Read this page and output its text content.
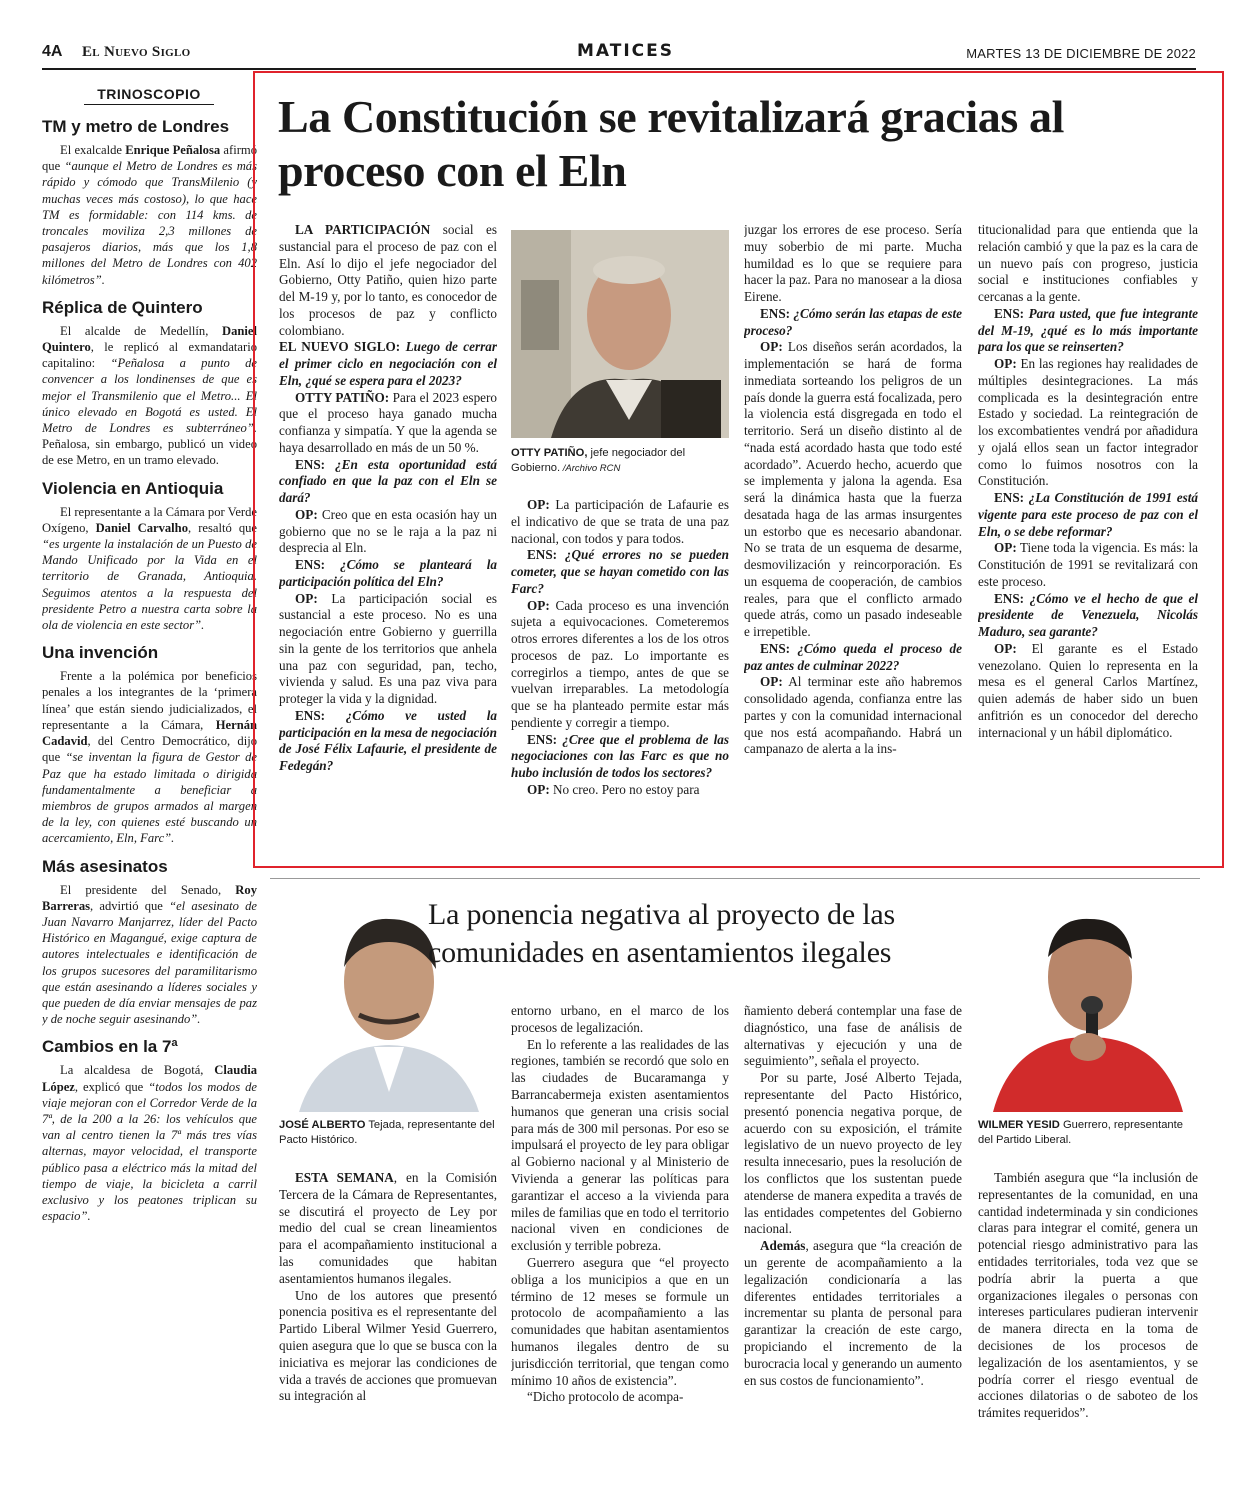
4A El Nuevo Siglo	MATICES	MARTES 13 DE DICIEMBRE DE 2022
TRINOSCOPIO
TM y metro de Londres

El exalcalde Enrique Peñalosa afirmó que “aunque el Metro de Londres es más rápido y cómodo que TransMilenio (y muchas veces más costoso), lo que hace TM es formidable: con 114 kms. de troncales moviliza 2,3 millones de pasajeros diarios, más que los 1,8 millones del Metro de Londres con 402 kilómetros”.

Réplica de Quintero

El alcalde de Medellín, Daniel Quintero, le replicó al exmandatario capitalino: “Peñalosa a punto de convencer a los londinenses de que es mejor el Transmilenio que el Metro... El único elevado en Bogotá es usted. El Metro de Londres es subterráneo”. Peñalosa, sin embargo, publicó un video de ese Metro, en un tramo elevado.

Violencia en Antioquia

El representante a la Cámara por Verde Oxígeno, Daniel Carvalho, resaltó que “es urgente la instalación de un Puesto de Mando Unificado por la Vida en el territorio de Granada, Antioquia. Seguimos atentos a la respuesta del presidente Petro a nuestra carta sobre la ola de violencia en este sector”.

Una invención

Frente a la polémica por beneficios penales a los integrantes de la ‘primera línea’ que están siendo judicializados, el representante a la Cámara, Hernán Cadavid, del Centro Democrático, dijo que “se inventan la figura de Gestor de Paz que ha estado limitada o dirigida fundamentalmente a beneficiar a miembros de grupos armados al margen de la ley, con quienes esté buscando un acercamiento, Eln, Farc”.

Más asesinatos

El presidente del Senado, Roy Barreras, advirtió que “el asesinato de Juan Navarro Manjarrez, líder del Pacto Histórico en Magangué, exige captura de autores intelectuales e identificación de los grupos sucesores del paramilitarismo que están asesinando a líderes sociales y que pueden de día enviar mensajes de paz y de noche seguir asesinando”.

Cambios en la 7ª

La alcaldesa de Bogotá, Claudia López, explicó que “todos los modos de viaje mejoran con el Corredor Verde de la 7ª, de la 200 a la 26: los vehículos que van al centro tienen la 7ª más tres vías alternas, mayor velocidad, el transporte público pasa a eléctrico más la mitad del tiempo de viaje, la bicicleta a carril exclusivo y los peatones triplican su espacio”.

La Constitución se revitalizará gracias al proceso con el Eln

LA PARTICIPACIÓN social es sustancial para el proceso de paz con el Eln. Así lo dijo el jefe negociador del Gobierno, Otty Patiño, quien hizo parte del M-19 y, por lo tanto, es conocedor de los procesos de paz y conflicto colombiano.

EL NUEVO SIGLO: Luego de cerrar el primer ciclo en negociación con el Eln, ¿qué se espera para el 2023?

OTTY PATIÑO: Para el 2023 espero que el proceso haya ganado mucha confianza y simpatía. Y que la agenda se haya desarrollado en más de un 50 %.

ENS: ¿En esta oportunidad está confiado en que la paz con el Eln se dará?

OP: Creo que en esta ocasión hay un gobierno que no se le raja a la paz ni desprecia al Eln.

ENS: ¿Cómo se planteará la participación política del Eln?

OP: La participación social es sustancial a este proceso. No es una negociación entre Gobierno y guerrilla sin la gente de los territorios que anhela una paz con seguridad, pan, techo, vivienda y salud. Es una paz viva para proteger la vida y la dignidad.

ENS: ¿Cómo ve usted la participación en la mesa de negociación de José Félix Lafaurie, el presidente de Fedegán?

OTTY PATIÑO, jefe negociador del Gobierno. /Archivo RCN

OP: La participación de Lafaurie es el indicativo de que se trata de una paz nacional, con todos y para todos.

ENS: ¿Qué errores no se pueden cometer, que se hayan cometido con las Farc?

OP: Cada proceso es una invención sujeta a equivocaciones. Cometeremos otros errores diferentes a los de los otros procesos de paz. Lo importante es corregirlos a tiempo, antes de que se vuelvan irreparables. La metodología que se ha planteado permite estar más pendiente y corregir a tiempo.

ENS: ¿Cree que el problema de las negociaciones con las Farc es que no hubo inclusión de todos los sectores?

OP: No creo. Pero no estoy para

juzgar los errores de ese proceso. Sería muy soberbio de mi parte. Mucha humildad es lo que se requiere para hacer la paz. Para no manosear a la diosa Eirene.

ENS: ¿Cómo serán las etapas de este proceso?

OP: Los diseños serán acordados, la implementación se hará de forma inmediata sorteando los peligros de un país donde la guerra está focalizada, pero la violencia está disgregada en todo el territorio. Será un diseño distinto al de “nada está acordado hasta que todo esté acordado”. Acuerdo hecho, acuerdo que se implementa y jalona la agenda. Esa será la dinámica hasta que la fuerza desatada haga de las armas insurgentes un estorbo que es necesario abandonar. No se trata de un esquema de desarme, desmovilización y reincorporación. Es un esquema de cooperación, de cambios reales, para que el conflicto armado quede atrás, como un pasado indeseable e irrepetible.

ENS: ¿Cómo queda el proceso de paz antes de culminar 2022?

OP: Al terminar este año habremos consolidado agenda, confianza entre las partes y con la comunidad internacional que nos está acompañando. Habrá un campanazo de alerta a la ins-

titucionalidad para que entienda que la relación cambió y que la paz es la cara de un nuevo país con progreso, justicia social e instituciones confiables y cercanas a la gente.

ENS: Para usted, que fue integrante del M-19, ¿qué es lo más importante para los que se reinserten?

OP: En las regiones hay realidades de múltiples desintegraciones. La más complicada es la desintegración entre Estado y sociedad. La reintegración de los excombatientes vendrá por añadidura y ojalá ellos sean un factor integrador como lo fuimos nosotros con la Constitución.

ENS: ¿La Constitución de 1991 está vigente para este proceso de paz con el Eln, o se debe reformar?

OP: Tiene toda la vigencia. Es más: la Constitución de 1991 se revitalizará con este proceso.

ENS: ¿Cómo ve el hecho de que el presidente de Venezuela, Nicolás Maduro, sea garante?

OP: El garante es el Estado venezolano. Quien lo representa en la mesa es el general Carlos Martínez, quien además de haber sido un buen anfitrión es un conocedor del derecho internacional y un hábil diplomático.

JOSÉ ALBERTO Tejada, representante del Pacto Histórico.
La ponencia negativa al proyecto de las comunidades en asentamientos ilegales
WILMER YESID Guerrero, representante del Partido Liberal.

ESTA SEMANA, en la Comisión Tercera de la Cámara de Representantes, se discutirá el proyecto de Ley por medio del cual se crean lineamientos para el acompañamiento institucional a las comunidades que habitan asentamientos humanos ilegales.

Uno de los autores que presentó ponencia positiva es el representante del Partido Liberal Wilmer Yesid Guerrero, quien asegura que lo que se busca con la iniciativa es mejorar las condiciones de vida a través de acciones que promuevan su integración al

entorno urbano, en el marco de los procesos de legalización.

En lo referente a las realidades de las regiones, también se recordó que solo en las ciudades de Bucaramanga y Barrancabermeja existen asentamientos humanos que generan una crisis social para más de 300 mil personas. Por eso se impulsará el proyecto de ley para obligar al Gobierno nacional y al Ministerio de Vivienda a generar las políticas para garantizar el acceso a la vivienda para miles de familias que en todo el territorio nacional viven en condiciones de exclusión y terrible pobreza.

Guerrero asegura que “el proyecto obliga a los municipios a que en un término de 12 meses se formule un protocolo de acompañamiento a las comunidades que habitan asentamientos humanos ilegales dentro de su jurisdicción territorial, que tengan como mínimo 10 años de existencia”.

“Dicho protocolo de acompa-

ñamiento deberá contemplar una fase de diagnóstico, una fase de análisis de alternativas y ejecución y una de seguimiento”, señala el proyecto.

Por su parte, José Alberto Tejada, representante del Pacto Histórico, presentó ponencia negativa porque, de acuerdo con su exposición, el trámite legislativo de un nuevo proyecto de ley resulta innecesario, pues la resolución de los conflictos que los sustentan puede atenderse de manera expedita a través de las entidades competentes del Gobierno nacional.

Además, asegura que “la creación de un gerente de acompañamiento a la legalización condicionaría a las diferentes entidades territoriales a incrementar su planta de personal para garantizar la creación de este cargo, propiciando el incremento de la burocracia local y generando un aumento en sus costos de funcionamiento”.

También asegura que “la inclusión de representantes de la comunidad, en una cantidad indeterminada y sin condiciones claras para integrar el comité, genera un potencial riesgo administrativo para las entidades territoriales, toda vez que se podría abrir la puerta a que organizaciones ilegales o personas con intereses particulares pudieran intervenir de manera directa en la toma de decisiones de los procesos de legalización de los asentamientos, y se podría correr el riesgo eventual de acciones dilatorias o de saboteo de los trámites requeridos”.
